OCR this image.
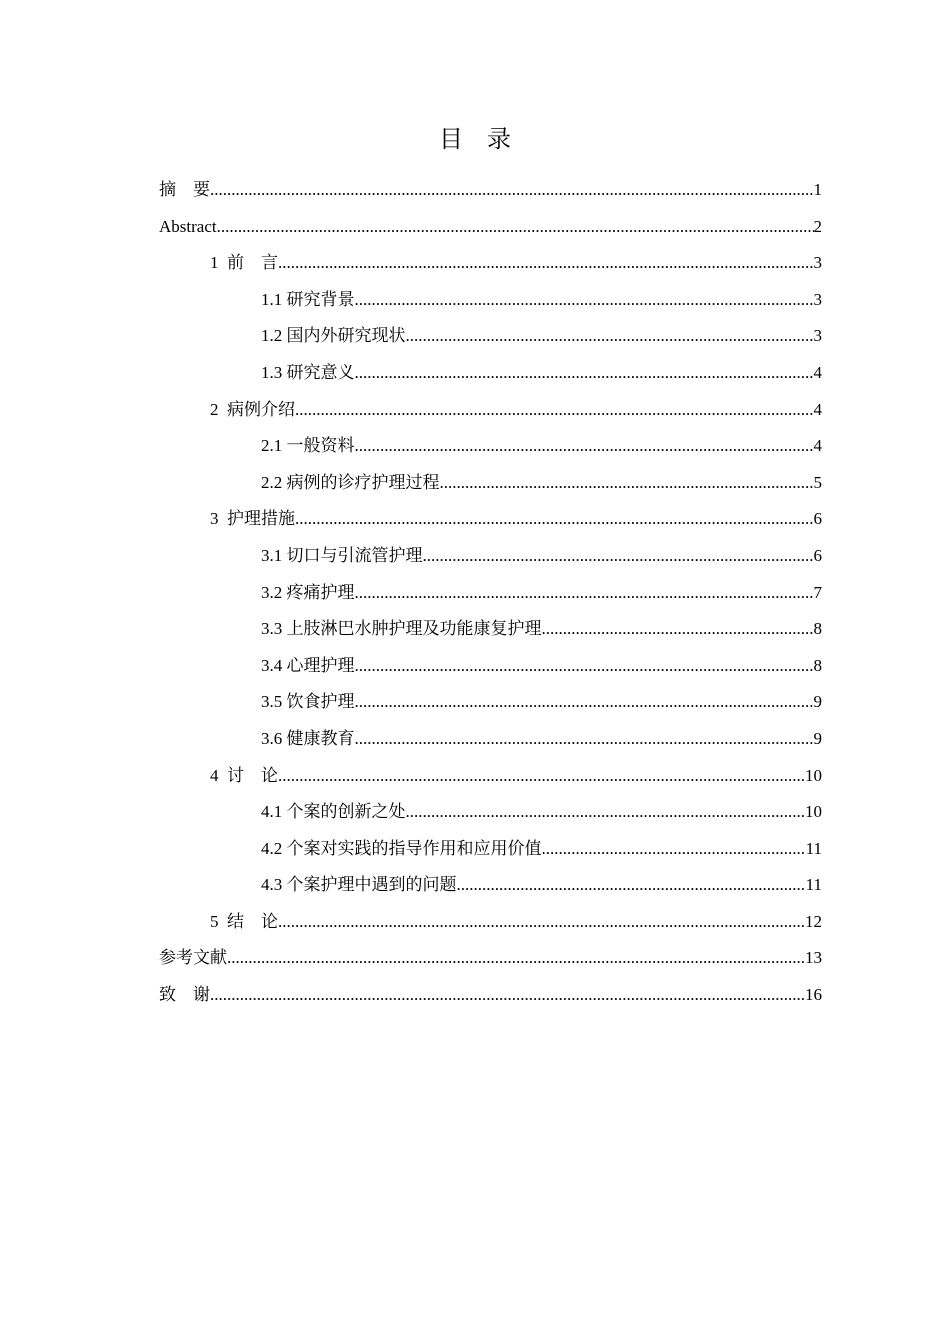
目    录
摘    要 .....	1
Abstract .....	2
1  前    言 .....	3
1.1 研究背景 .....	3
1.2 国内外研究现状 .....	3
1.3 研究意义 .....	4
2  病例介绍 .....	4
2.1 一般资料 .....	4
2.2 病例的诊疗护理过程 .....	5
3  护理措施 .....	6
3.1 切口与引流管护理 .....	6
3.2 疼痛护理 .....	7
3.3 上肢淋巴水肿护理及功能康复护理 .....	8
3.4 心理护理 .....	8
3.5 饮食护理 .....	9
3.6 健康教育 .....	9
4  讨    论 .....	10
4.1 个案的创新之处 .....	10
4.2 个案对实践的指导作用和应用价值 .....	11
4.3 个案护理中遇到的问题 .....	11
5  结    论 .....	12
参考文献 .....	13
致    谢 .....	16
